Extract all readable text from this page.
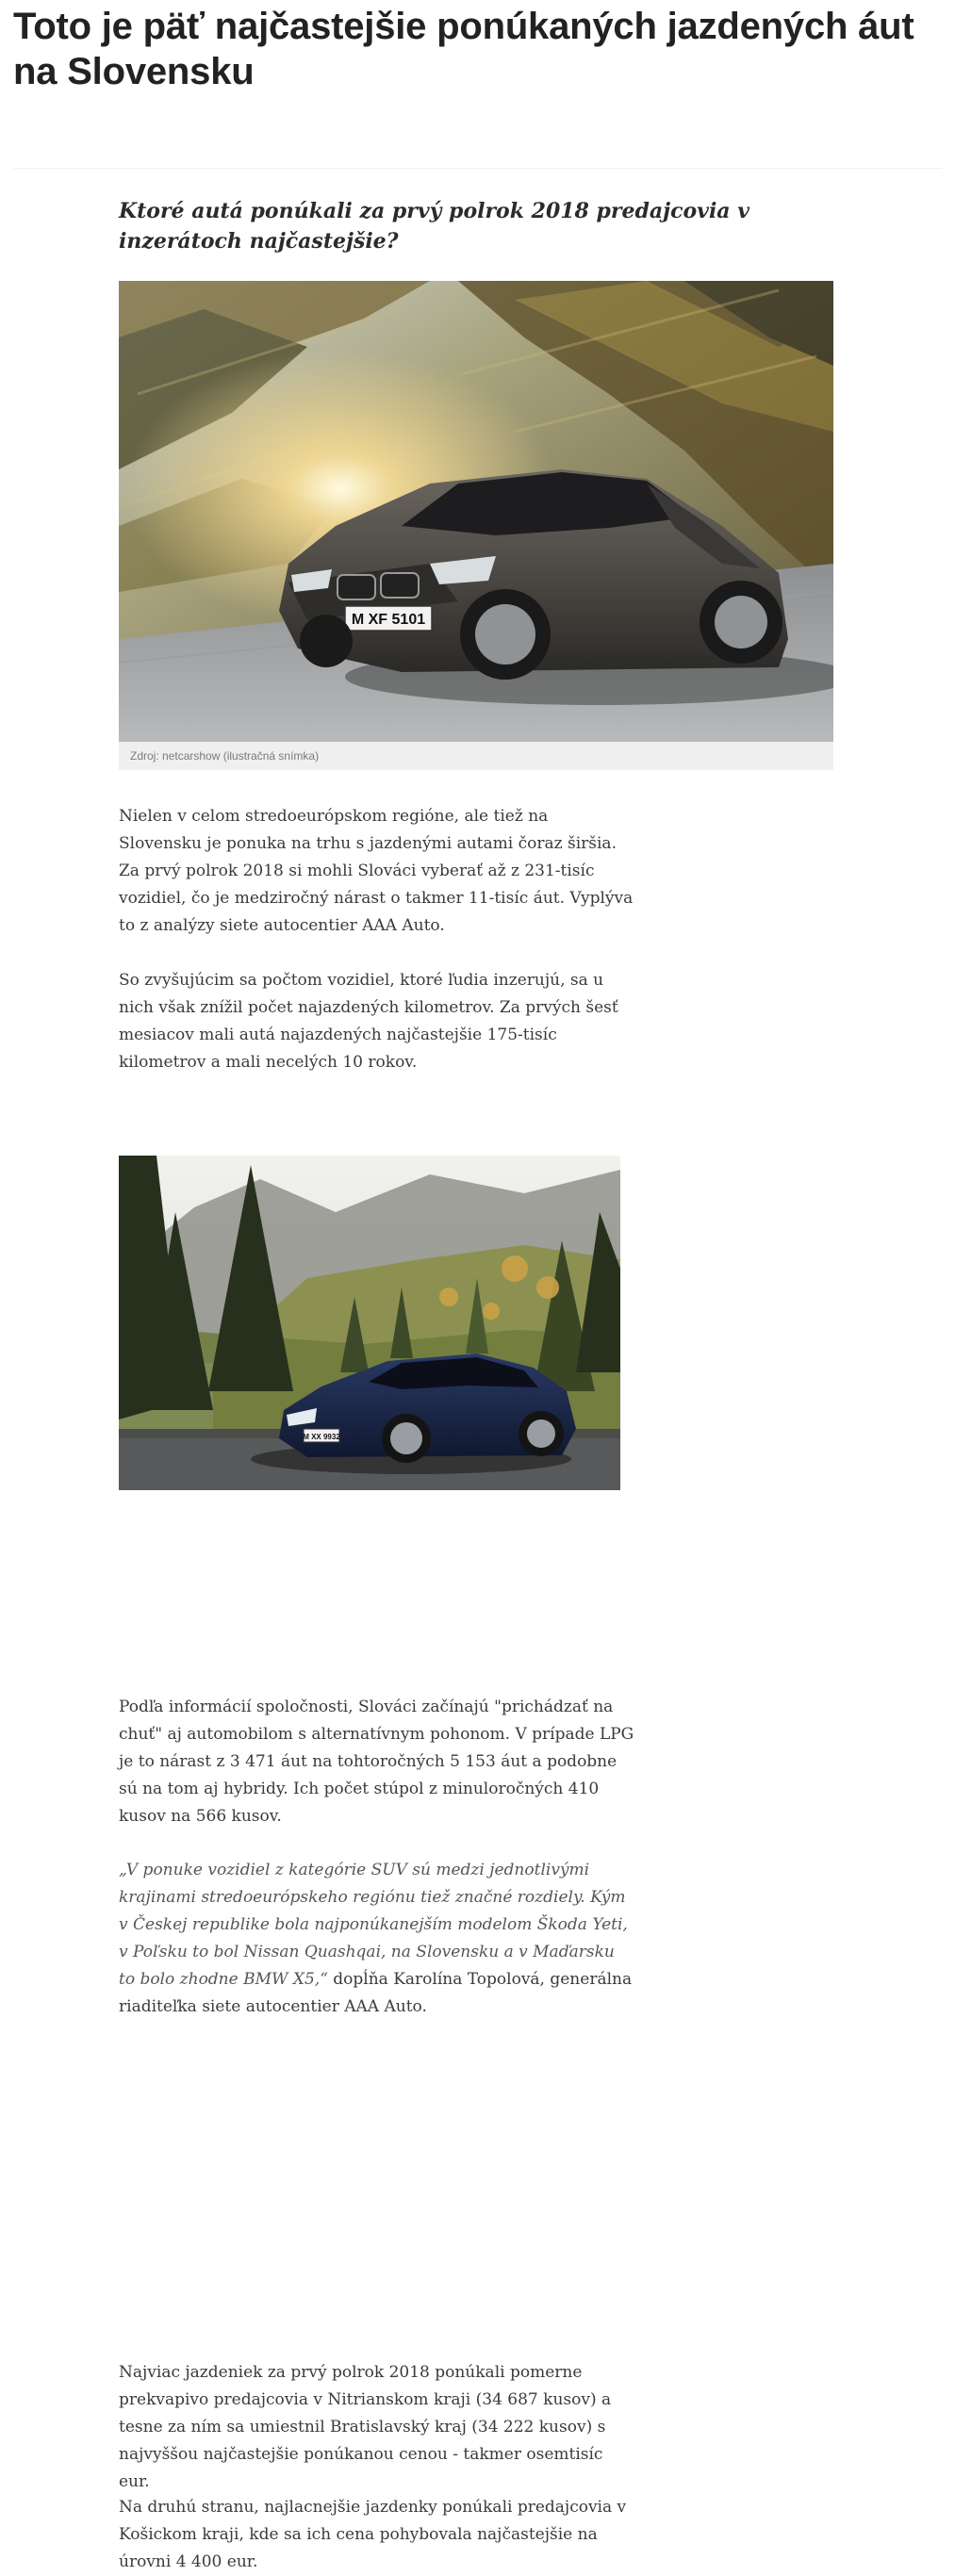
Toto je päť najčastejšie ponúkaných jazdených áut na Slovensku
Ktoré autá ponúkali za prvý polrok 2018 predajcovia v inzerátoch najčastejšie?
M XF 5101
Zdroj: netcarshow (ilustračná snímka)

Nielen v celom stredoeurópskom regióne, ale tiež na Slovensku je ponuka na trhu s jazdenými autami čoraz širšia. Za prvý polrok 2018 si mohli Slováci vyberať až z 231-tisíc vozidiel, čo je medziročný nárast o takmer 11-tisíc áut. Vyplýva to z analýzy siete autocentier AAA Auto.

So zvyšujúcim sa počtom vozidiel, ktoré ľudia inzerujú, sa u nich však znížil počet najazdených kilometrov. Za prvých šesť mesiacov mali autá najazdených najčastejšie 175-tisíc kilometrov a mali necelých 10 rokov.

M XX 9932

Podľa informácií spoločnosti, Slováci začínajú "prichádzať na chuť" aj automobilom s alternatívnym pohonom. V prípade LPG je to nárast z 3 471 áut na tohtoročných 5 153 áut a podobne sú na tom aj hybridy. Ich počet stúpol z minuloročných 410 kusov na 566 kusov.

„V ponuke vozidiel z kategórie SUV sú medzi jednotlivými krajinami stredoeurópskeho regiónu tiež značné rozdiely. Kým v Českej republike bola najponúkanejším modelom Škoda Yeti, v Poľsku to bol Nissan Quashqai, na Slovensku a v Maďarsku to bolo zhodne BMW X5,“ dopĺňa Karolína Topolová, generálna riaditeľka siete autocentier AAA Auto.

Najviac jazdeniek za prvý polrok 2018 ponúkali pomerne prekvapivo predajcovia v Nitrianskom kraji (34 687 kusov) a tesne za ním sa umiestnil Bratislavský kraj (34 222 kusov) s najvyššou najčastejšie ponúkanou cenou - takmer osemtisíc eur.

Na druhú stranu, najlacnejšie jazdenky ponúkali predajcovia v Košickom kraji, kde sa ich cena pohybovala najčastejšie na úrovni 4 400 eur.
